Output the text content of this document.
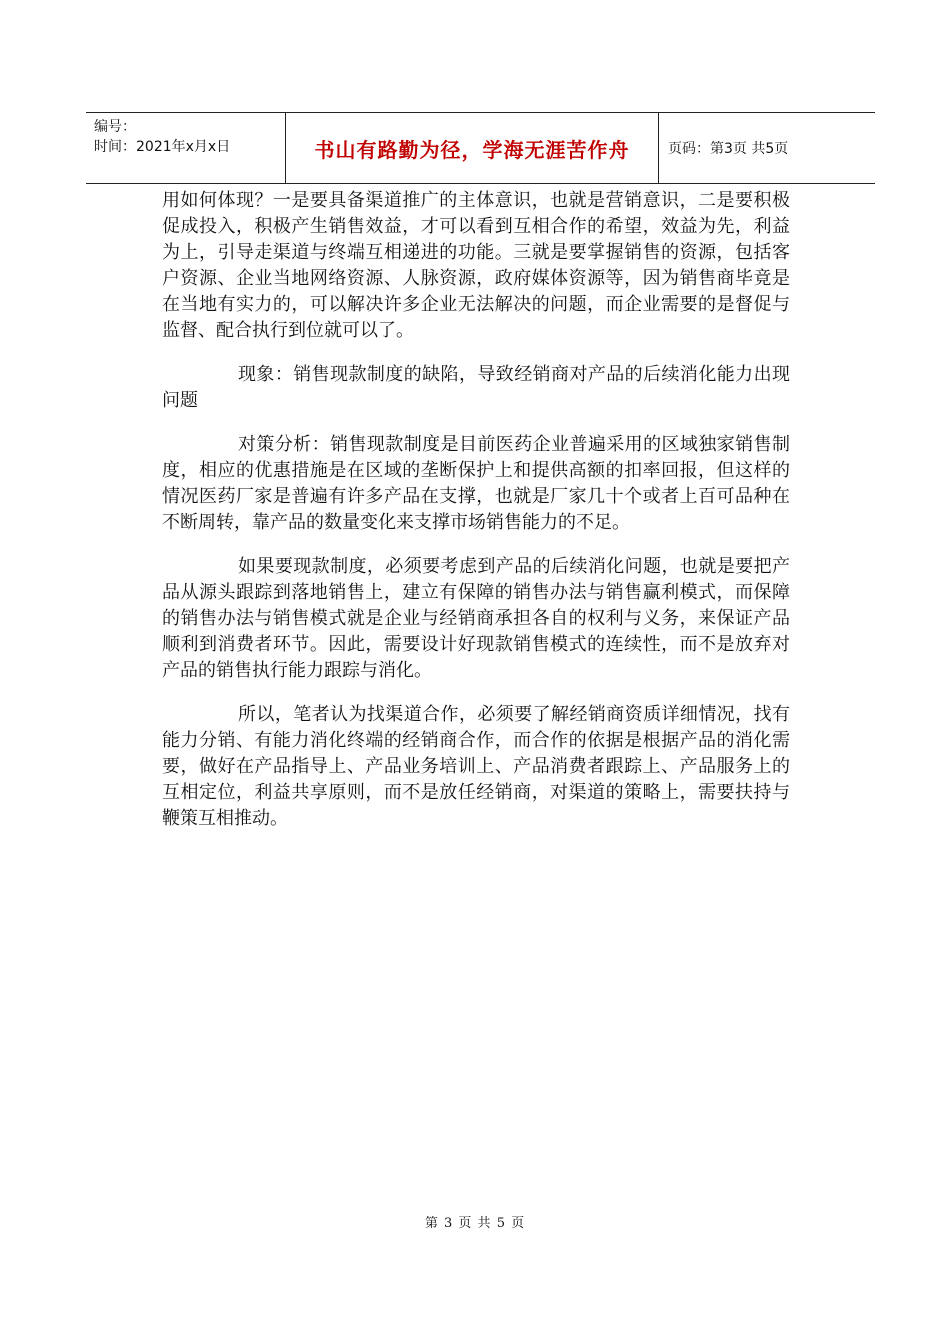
编号：
时间：2021年x月x日	书山有路勤为径，学海无涯苦作舟	页码：第3页 共5页

用如何体现？一是要具备渠道推广的主体意识，也就是营销意识，二是要积极促成投入，积极产生销售效益，才可以看到互相合作的希望，效益为先，利益为上，引导走渠道与终端互相递进的功能。三就是要掌握销售的资源，包括客户资源、企业当地网络资源、人脉资源，政府媒体资源等，因为销售商毕竟是在当地有实力的，可以解决许多企业无法解决的问题，而企业需要的是督促与监督、配合执行到位就可以了。

现象：销售现款制度的缺陷，导致经销商对产品的后续消化能力出现问题

对策分析：销售现款制度是目前医药企业普遍采用的区域独家销售制度，相应的优惠措施是在区域的垄断保护上和提供高额的扣率回报，但这样的情况医药厂家是普遍有许多产品在支撑，也就是厂家几十个或者上百可品种在不断周转，靠产品的数量变化来支撑市场销售能力的不足。

如果要现款制度，必须要考虑到产品的后续消化问题，也就是要把产品从源头跟踪到落地销售上，建立有保障的销售办法与销售赢利模式，而保障的销售办法与销售模式就是企业与经销商承担各自的权利与义务，来保证产品顺利到消费者环节。因此，需要设计好现款销售模式的连续性，而不是放弃对产品的销售执行能力跟踪与消化。

所以，笔者认为找渠道合作，必须要了解经销商资质详细情况，找有能力分销、有能力消化终端的经销商合作，而合作的依据是根据产品的消化需要，做好在产品指导上、产品业务培训上、产品消费者跟踪上、产品服务上的互相定位，利益共享原则，而不是放任经销商，对渠道的策略上，需要扶持与鞭策互相推动。

第 3 页 共 5 页
